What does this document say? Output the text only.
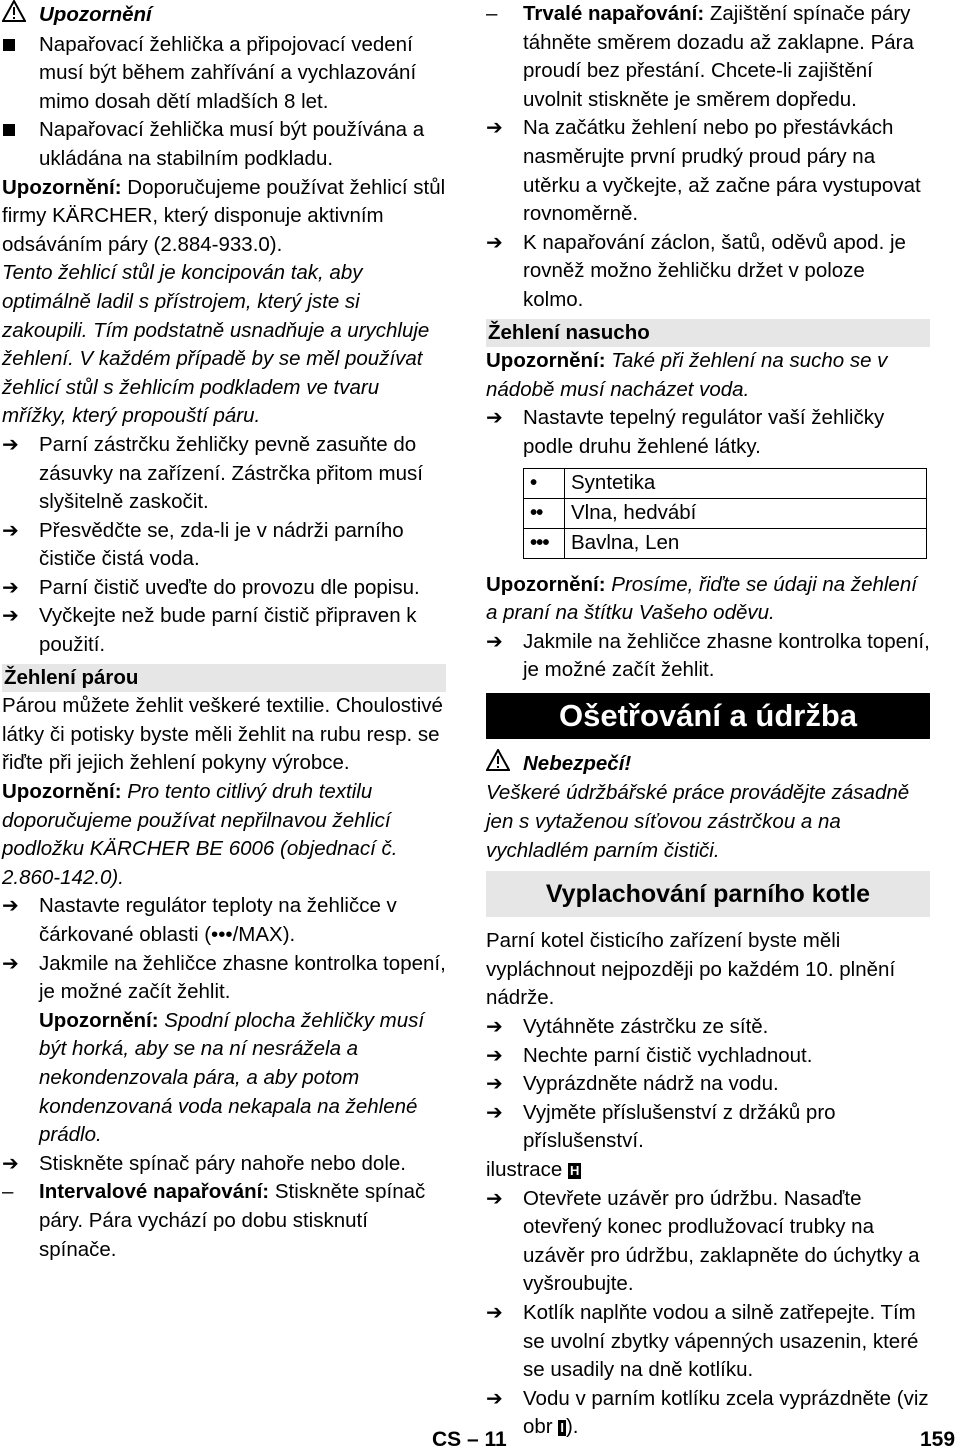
Upozornění
Napařovací žehlička a připojovací vedení musí být během zahřívání a vychlazování mimo dosah dětí mladších 8 let.
Napařovací žehlička musí být používána a ukládána na stabilním podkladu.

Upozornění: Doporučujeme používat žehlicí stůl firmy KÄRCHER, který disponuje aktivním odsáváním páry (2.884-933.0).

Tento žehlicí stůl je koncipován tak, aby optimálně ladil s přístrojem, který jste si zakoupili. Tím podstatně usnadňuje a urychluje žehlení. V každém případě by se měl používat žehlicí stůl s žehlicím podkladem ve tvaru mřížky, který propouští páru.

➔ Parní zástrčku žehličky pevně zasuňte do zásuvky na zařízení. Zástrčka přitom musí slyšitelně zaskočit.
➔ Přesvědčte se, zda-li je v nádrži parního čističe čistá voda.
➔ Parní čistič uveďte do provozu dle popisu.
➔ Vyčkejte než bude parní čistič připraven k použití.

Žehlení párou

Párou můžete žehlit veškeré textilie. Choulostivé látky či potisky byste měli žehlit na rubu resp. se řiďte při jejich žehlení pokyny výrobce.

Upozornění: Pro tento citlivý druh textilu doporučujeme používat nepřilnavou žehlicí podložku KÄRCHER BE 6006 (objednací č. 2.860-142.0).

➔ Nastavte regulátor teploty na žehličce v čárkované oblasti (•••/MAX).
➔ Jakmile na žehličce zhasne kontrolka topení, je možné začít žehlit.

Upozornění: Spodní plocha žehličky musí být horká, aby se na ní nesrážela a nekondenzovala pára, a aby potom kondenzovaná voda nekapala na žehlené prádlo.

➔ Stiskněte spínač páry nahoře nebo dole.
–	Intervalové napařování: Stiskněte spínač páry. Pára vychází po dobu stisknutí spínače.
–	Trvalé napařování: Zajištění spínače páry táhněte směrem dozadu až zaklapne. Pára proudí bez přestání. Chcete-li zajištění uvolnit stiskněte je směrem dopředu.
➔ Na začátku žehlení nebo po přestávkách nasměrujte první prudký proud páry na utěrku a vyčkejte, až začne pára vystupovat rovnoměrně.
➔ K napařování záclon, šatů, oděvů apod. je rovněž možno žehličku držet v poloze kolmo.

Žehlení nasucho

Upozornění: Také při žehlení na sucho se v nádobě musí nacházet voda.

➔ Nastavte tepelný regulátor vaší žehličky podle druhu žehlené látky.
•	Syntetika
••	Vlna, hedvábí
•••	Bavlna, Len

Upozornění: Prosíme, řiďte se údaji na žehlení a praní na štítku Vašeho oděvu.

➔ Jakmile na žehličce zhasne kontrolka topení, je možné začít žehlit.
Ošetřování a údržba
Nebezpečí!

Veškeré údržbářské práce provádějte zásadně jen s vytaženou síťovou zástrčkou a na vychladlém parním čističi.

Vyplachování parního kotle

Parní kotel čisticího zařízení byste měli vypláchnout nejpozději po každém 10. plnění nádrže.

➔ Vytáhněte zástrčku ze sítě.
➔ Nechte parní čistič vychladnout.
➔ Vyprázdněte nádrž na vodu.
➔ Vyjměte příslušenství z držáků pro příslušenství.

ilustrace H

➔ Otevřete uzávěr pro údržbu. Nasaďte otevřený konec prodlužovací trubky na uzávěr pro údržbu, zaklapněte do úchytky a vyšroubujte.
➔ Kotlík naplňte vodou a silně zatřepejte. Tím se uvolní zbytky vápenných usazenin, které se usadily na dně kotlíku.
➔ Vodu v parním kotlíku zcela vyprázdněte (viz obr I).
CS – 11	159
